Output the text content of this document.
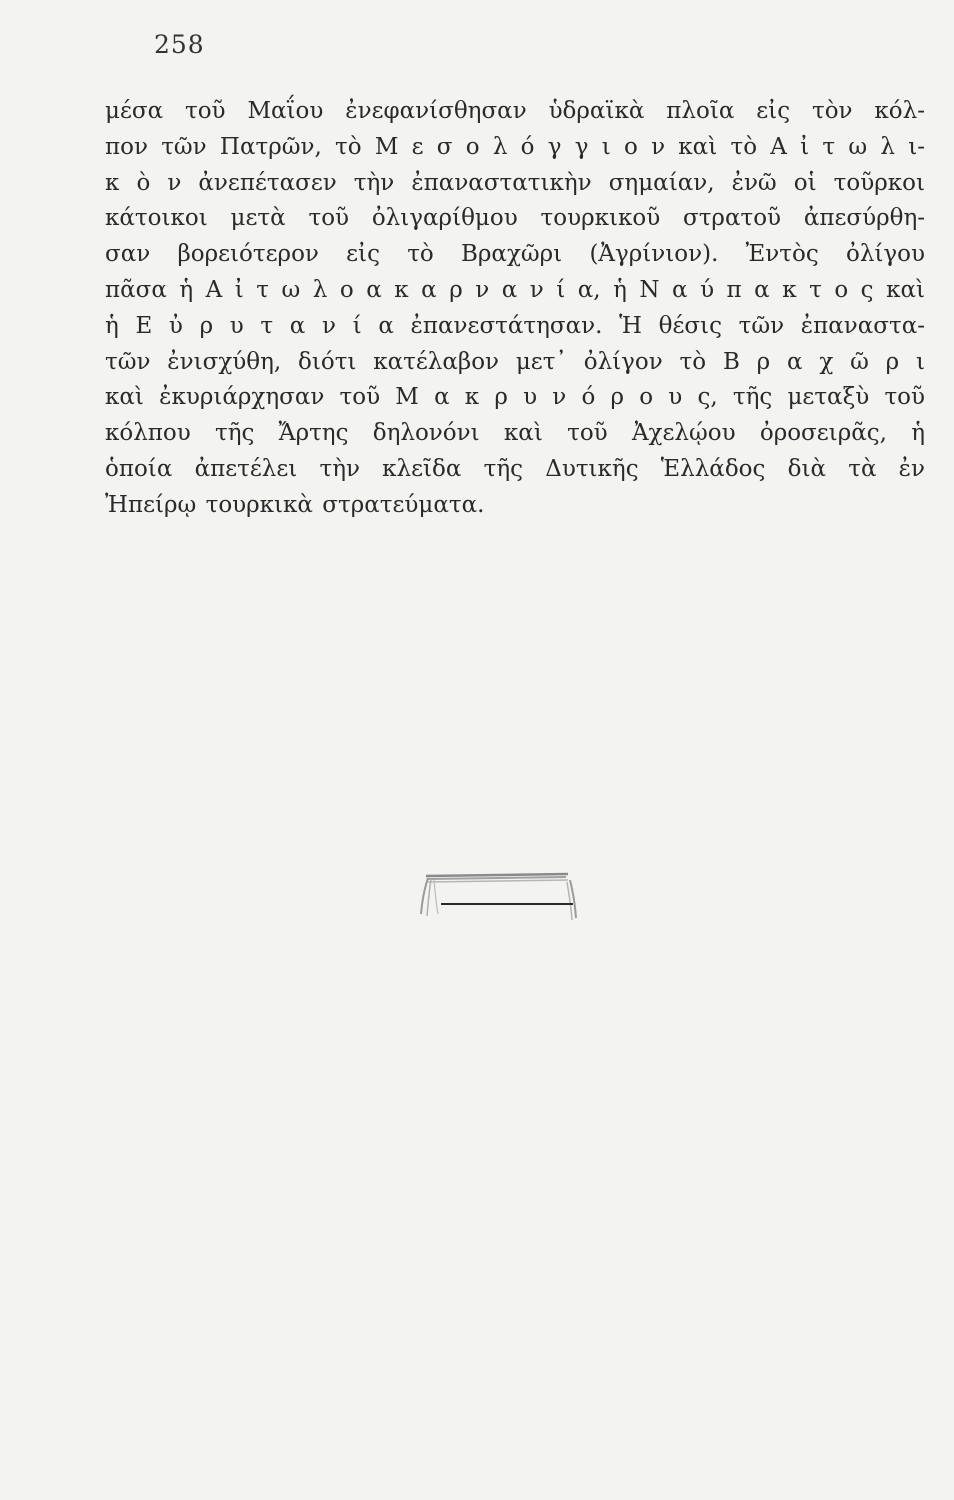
258
μέσα τοῦ Μαΐου ἐνεφανίσθησαν ὑδραϊκὰ πλοῖα εἰς τὸν κόλ-
πον τῶν Πατρῶν, τὸ Μ ε σ ο λ ό γ γ ι ο ν καὶ τὸ Α ἰ τ ω λ ι-
κ ὸ ν ἀνεπέτασεν τὴν ἐπαναστατικὴν σημαίαν, ἐνῶ οἱ τοῦρκοι
κάτοικοι μετὰ τοῦ ὀλιγαρίθμου τουρκικοῦ στρατοῦ ἀπεσύρθη-
σαν βορειότερον εἰς τὸ Βραχῶρι (Ἀγρίνιον). Ἐντὸς ὀλίγου
πᾶσα ἡ Α ἰ τ ω λ ο α κ α ρ ν α ν ί α, ἡ Ν α ύ π α κ τ ο ς καὶ
ἡ Ε ὐ ρ υ τ α ν ί α ἐπανεστάτησαν. Ἡ θέσις τῶν ἐπαναστα-
τῶν ἐνισχύθη, διότι κατέλαβον μετ᾽ ὀλίγον τὸ Β ρ α χ ῶ ρ ι
καὶ ἐκυριάρχησαν τοῦ Μ α κ ρ υ ν ό ρ ο υ ς, τῆς μεταξὺ τοῦ
κόλπου τῆς Ἄρτης δηλονόνι καὶ τοῦ Ἀχελῴου ὀροσειρᾶς, ἡ
ὁποία ἀπετέλει τὴν κλεῖδα τῆς Δυτικῆς Ἑλλάδος διὰ τὰ ἐν
Ἠπείρῳ τουρκικὰ στρατεύματα.
